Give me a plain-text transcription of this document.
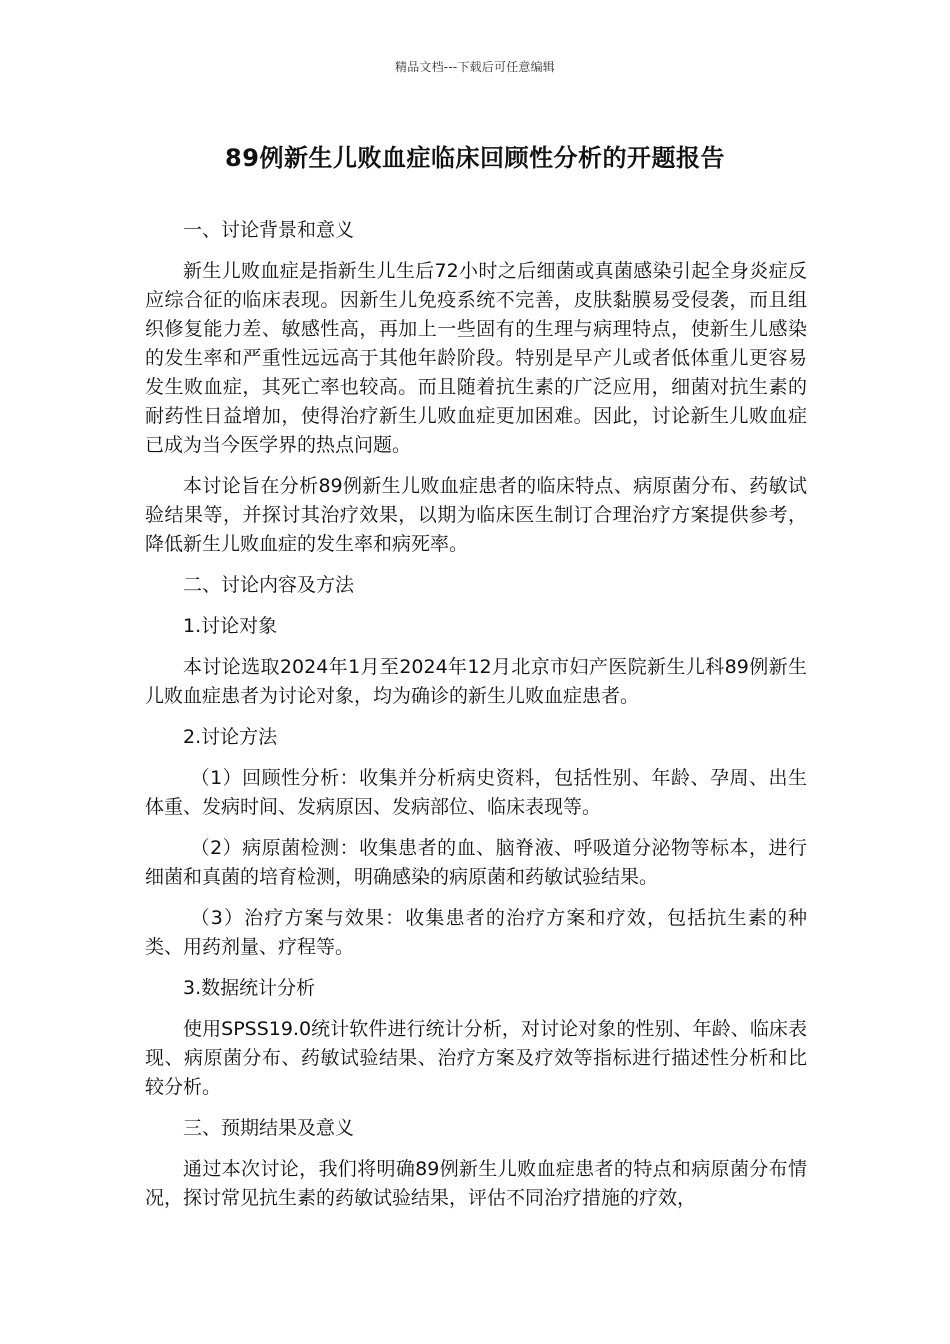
精品文档---下载后可任意编辑
89例新生儿败血症临床回顾性分析的开题报告

一、讨论背景和意义

新生儿败血症是指新生儿生后72小时之后细菌或真菌感染引起全身炎症反应综合征的临床表现。因新生儿免疫系统不完善，皮肤黏膜易受侵袭，而且组织修复能力差、敏感性高，再加上一些固有的生理与病理特点，使新生儿感染的发生率和严重性远远高于其他年龄阶段。特别是早产儿或者低体重儿更容易发生败血症，其死亡率也较高。而且随着抗生素的广泛应用，细菌对抗生素的耐药性日益增加，使得治疗新生儿败血症更加困难。因此，讨论新生儿败血症已成为当今医学界的热点问题。

本讨论旨在分析89例新生儿败血症患者的临床特点、病原菌分布、药敏试验结果等，并探讨其治疗效果，以期为临床医生制订合理治疗方案提供参考，降低新生儿败血症的发生率和病死率。

二、讨论内容及方法

1.讨论对象

本讨论选取2024年1月至2024年12月北京市妇产医院新生儿科89例新生儿败血症患者为讨论对象，均为确诊的新生儿败血症患者。

2.讨论方法

（1）回顾性分析：收集并分析病史资料，包括性别、年龄、孕周、出生体重、发病时间、发病原因、发病部位、临床表现等。

（2）病原菌检测：收集患者的血、脑脊液、呼吸道分泌物等标本，进行细菌和真菌的培育检测，明确感染的病原菌和药敏试验结果。

（3）治疗方案与效果：收集患者的治疗方案和疗效，包括抗生素的种类、用药剂量、疗程等。

3.数据统计分析

使用SPSS19.0统计软件进行统计分析，对讨论对象的性别、年龄、临床表现、病原菌分布、药敏试验结果、治疗方案及疗效等指标进行描述性分析和比较分析。

三、预期结果及意义

通过本次讨论，我们将明确89例新生儿败血症患者的特点和病原菌分布情况，探讨常见抗生素的药敏试验结果，评估不同治疗措施的疗效，
